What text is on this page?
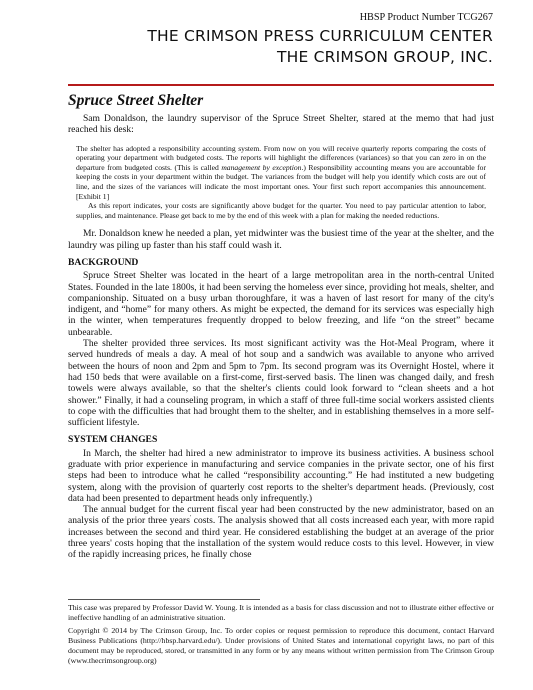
HBSP Product Number TCG267
THE CRIMSON PRESS CURRICULUM CENTER
THE CRIMSON GROUP, INC.
Spruce Street Shelter

Sam Donaldson, the laundry supervisor of the Spruce Street Shelter, stared at the memo that had just reached his desk:

The shelter has adopted a responsibility accounting system. From now on you will receive quarterly reports comparing the costs of operating your department with budgeted costs. The reports will highlight the differences (variances) so that you can zero in on the departure from budgeted costs. (This is called management by exception.) Responsibility accounting means you are accountable for keeping the costs in your department within the budget. The variances from the budget will help you identify which costs are out of line, and the sizes of the variances will indicate the most important ones. Your first such report accompanies this announcement. [Exhibit 1]

As this report indicates, your costs are significantly above budget for the quarter. You need to pay particular attention to labor, supplies, and maintenance. Please get back to me by the end of this week with a plan for making the needed reductions.

Mr. Donaldson knew he needed a plan, yet midwinter was the busiest time of the year at the shelter, and the laundry was piling up faster than his staff could wash it.

BACKGROUND

Spruce Street Shelter was located in the heart of a large metropolitan area in the north-central United States. Founded in the late 1800s, it had been serving the homeless ever since, providing hot meals, shelter, and companionship. Situated on a busy urban thoroughfare, it was a haven of last resort for many of the city's indigent, and “home” for many others. As might be expected, the demand for its services was especially high in the winter, when temperatures frequently dropped to below freezing, and life “on the street” became unbearable.

The shelter provided three services. Its most significant activity was the Hot-Meal Program, where it served hundreds of meals a day. A meal of hot soup and a sandwich was available to anyone who arrived between the hours of noon and 2pm and 5pm to 7pm. Its second program was its Overnight Hostel, where it had 150 beds that were available on a first-come, first-served basis. The linen was changed daily, and fresh towels were always available, so that the shelter's clients could look forward to “clean sheets and a hot shower.” Finally, it had a counseling program, in which a staff of three full-time social workers assisted clients to cope with the difficulties that had brought them to the shelter, and in establishing themselves in a more self-sufficient lifestyle.

SYSTEM CHANGES

In March, the shelter had hired a new administrator to improve its business activities. A business school graduate with prior experience in manufacturing and service companies in the private sector, one of his first steps had been to introduce what he called “responsibility accounting.” He had instituted a new budgeting system, along with the provision of quarterly cost reports to the shelter's department heads. (Previously, cost data had been presented to department heads only infrequently.)

The annual budget for the current fiscal year had been constructed by the new administrator, based on an analysis of the prior three years' costs. The analysis showed that all costs increased each year, with more rapid increases between the second and third year. He considered establishing the budget at an average of the prior three years' costs hoping that the installation of the system would reduce costs to this level. However, in view of the rapidly increasing prices, he finally chose

This case was prepared by Professor David W. Young. It is intended as a basis for class discussion and not to illustrate either effective or ineffective handling of an administrative situation.

Copyright © 2014 by The Crimson Group, Inc. To order copies or request permission to reproduce this document, contact Harvard Business Publications (http://hbsp.harvard.edu/). Under provisions of United States and international copyright laws, no part of this document may be reproduced, stored, or transmitted in any form or by any means without written permission from The Crimson Group (www.thecrimsongroup.org)
